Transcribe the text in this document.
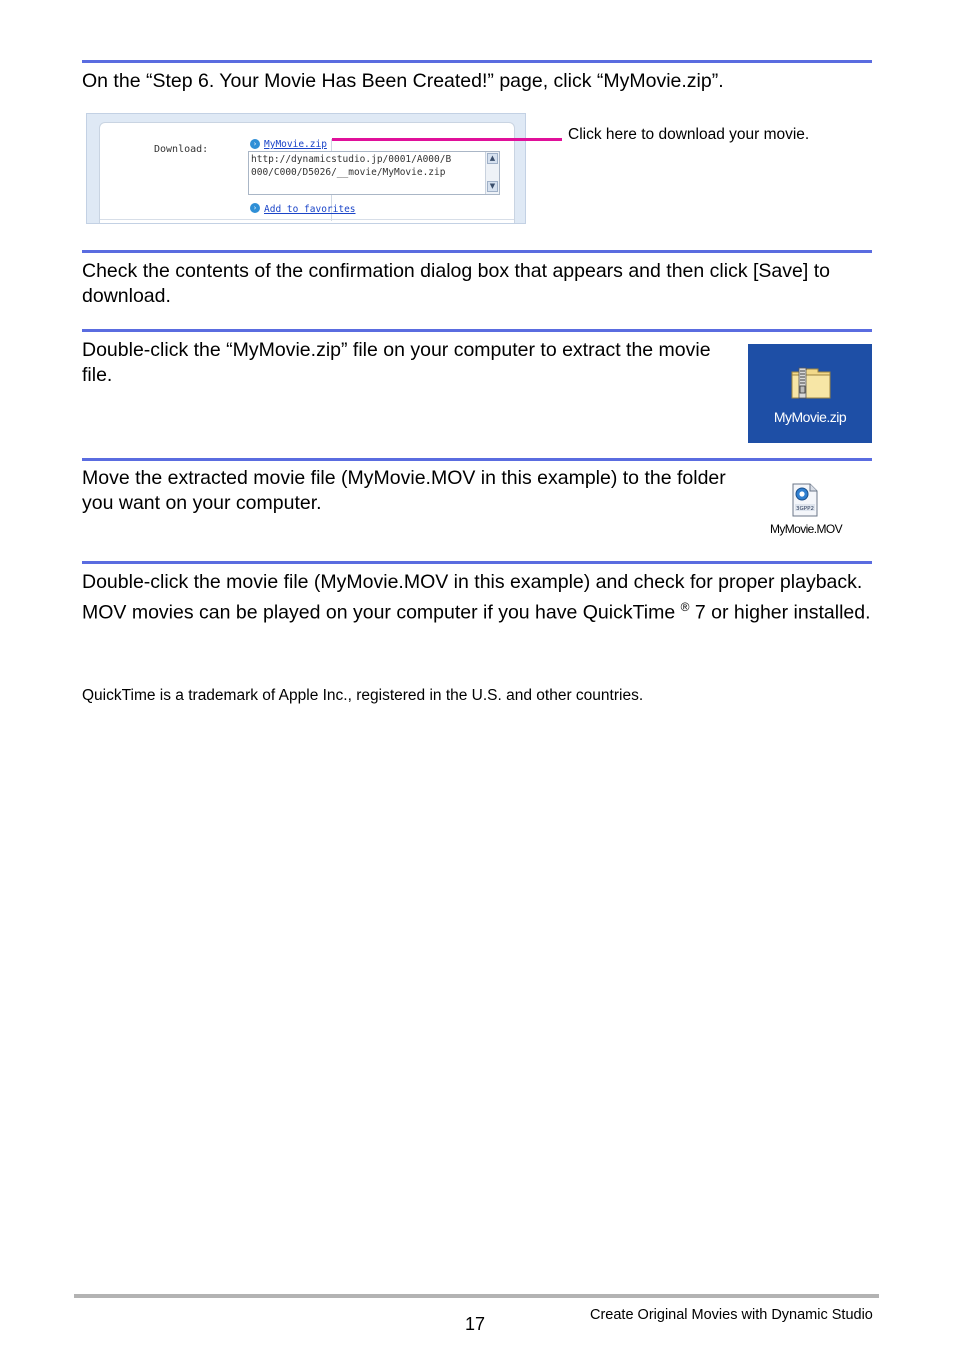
On the “Step 6. Your Movie Has Been Created!” page, click “MyMovie.zip”.

Download:	› MyMovie.zip
http://dynamicstudio.jp/0001/A000/B
000/C000/D5026/__movie/MyMovie.zip
▲
▼
› Add to favorites
Click here to download your movie.

Check the contents of the confirmation dialog box that appears and then click [Save] to download.

Double-click the “MyMovie.zip” file on your computer to extract the movie file.

MyMovie.zip

Move the extracted movie file (MyMovie.MOV in this example) to the folder you want on your computer.	3GPP2
MyMovie.MOV

Double-click the movie file (MyMovie.MOV in this example) and check for proper playback.

MOV movies can be played on your computer if you have QuickTime ® 7 or higher installed.

QuickTime is a trademark of Apple Inc., registered in the U.S. and other countries.
17	Create Original Movies with Dynamic Studio
